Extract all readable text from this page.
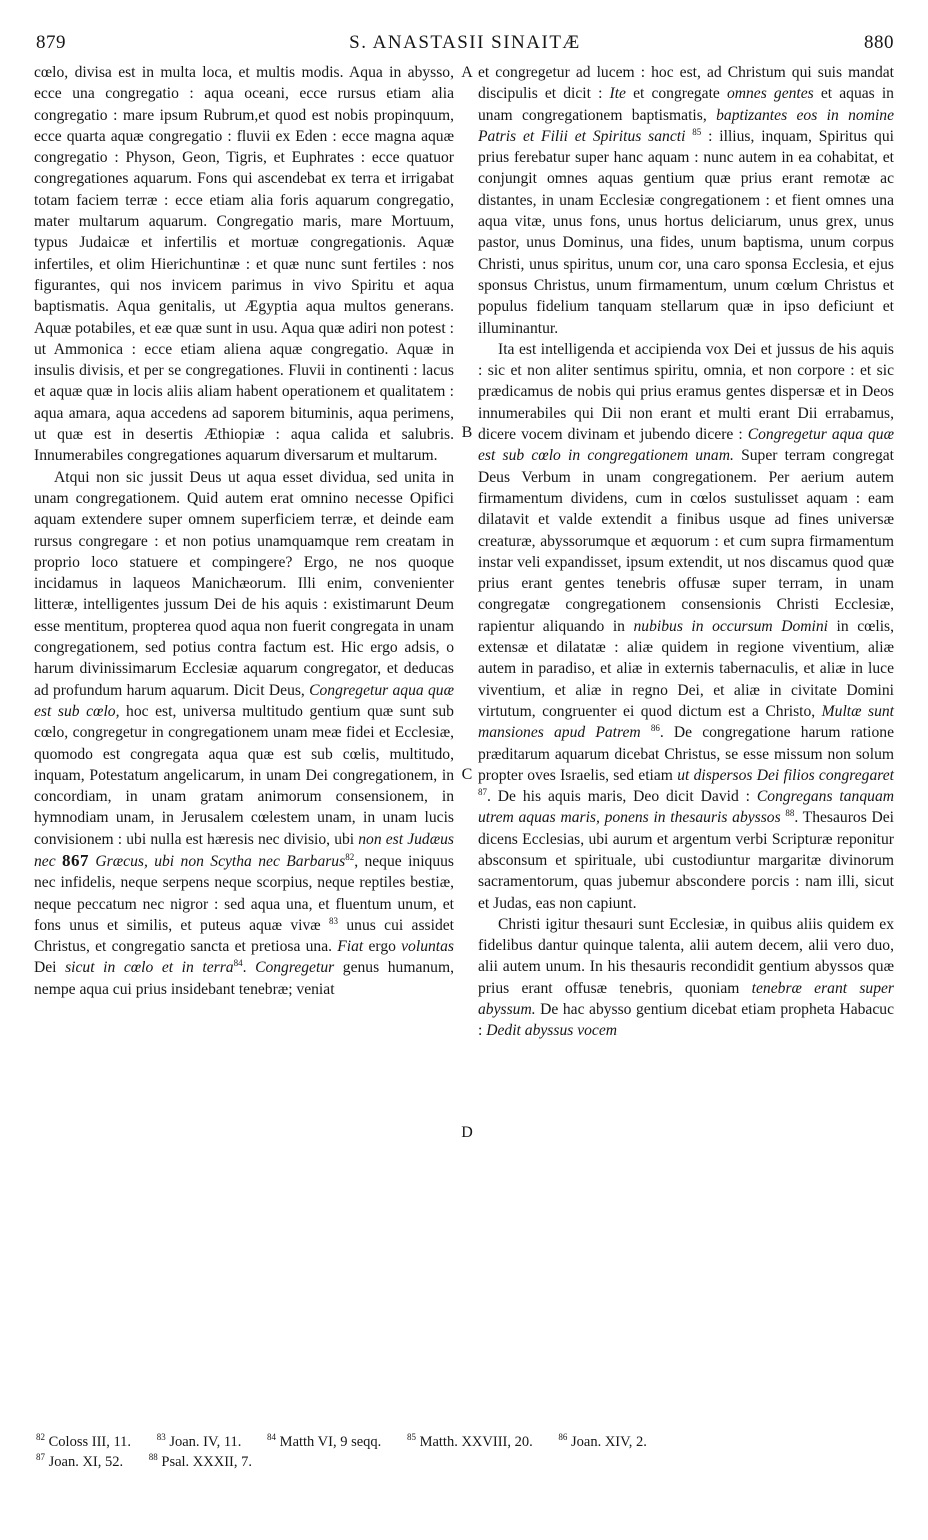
879	S. ANASTASII SINAITÆ	880
A
B
C
D

cœlo, divisa est in multa loca, et multis modis. Aqua in abysso, ecce una congregatio : aqua oceani, ecce rursus etiam alia congregatio : mare ipsum Rubrum,et quod est nobis propinquum, ecce quarta aquæ congregatio : fluvii ex Eden : ecce magna aquæ congregatio : Physon, Geon, Tigris, et Euphrates : ecce quatuor congregationes aquarum. Fons qui ascendebat ex terra et irrigabat totam faciem terræ : ecce etiam alia foris aquarum congregatio, mater multarum aquarum. Congregatio maris, mare Mortuum, typus Judaicæ et infertilis et mortuæ congregationis. Aquæ infertiles, et olim Hierichuntinæ : et quæ nunc sunt fertiles : nos figurantes, qui nos invicem parimus in vivo Spiritu et aqua baptismatis. Aqua genitalis, ut Ægyptia aqua multos generans. Aquæ potabiles, et eæ quæ sunt in usu. Aqua quæ adiri non potest : ut Ammonica : ecce etiam aliena aquæ congregatio. Aquæ in insulis divisis, et per se congregationes. Fluvii in continenti : lacus et aquæ quæ in locis aliis aliam habent operationem et qualitatem : aqua amara, aqua accedens ad saporem bituminis, aqua perimens, ut quæ est in desertis Æthiopiæ : aqua calida et salubris. Innumerabiles congregationes aquarum diversarum et multarum.

Atqui non sic jussit Deus ut aqua esset dividua, sed unita in unam congregationem. Quid autem erat omnino necesse Opifici aquam extendere super omnem superficiem terræ, et deinde eam rursus congregare : et non potius unamquamque rem creatam in proprio loco statuere et compingere? Ergo, ne nos quoque incidamus in laqueos Manichæorum. Illi enim, convenienter litteræ, intelligentes jussum Dei de his aquis : existimarunt Deum esse mentitum, propterea quod aqua non fuerit congregata in unam congregationem, sed potius contra factum est. Hic ergo adsis, o harum divinissimarum Ecclesiæ aquarum congregator, et deducas ad profundum harum aquarum. Dicit Deus, Congregetur aqua quæ est sub cœlo, hoc est, universa multitudo gentium quæ sunt sub cœlo, congregetur in congregationem unam meæ fidei et Ecclesiæ, quomodo est congregata aqua quæ est sub cœlis, multitudo, inquam, Potestatum angelicarum, in unam Dei congregationem, in concordiam, in unam gratam animorum consensionem, in hymnodiam unam, in Jerusalem cœlestem unam, in unam lucis convisionem : ubi nulla est hæresis nec divisio, ubi non est Judæus nec 867 Græcus, ubi non Scytha nec Barbarus$^{82}$, neque iniquus nec infidelis, neque serpens neque scorpius, neque reptiles bestiæ, neque peccatum nec nigror : sed aqua una, et fluentum unum, et fons unus et similis, et puteus aquæ vivæ $^{83}$ unus cui assidet Christus, et congregatio sancta et pretiosa una. Fiat ergo voluntas Dei sicut in cœlo et in terra$^{84}$. Congregetur genus humanum, nempe aqua cui prius insidebant tenebræ; veniat

et congregetur ad lucem : hoc est, ad Christum qui suis mandat discipulis et dicit : Ite et congregate omnes gentes et aquas in unam congregationem baptismatis, baptizantes eos in nomine Patris et Filii et Spiritus sancti $^{85}$ : illius, inquam, Spiritus qui prius ferebatur super hanc aquam : nunc autem in ea cohabitat, et conjungit omnes aquas gentium quæ prius erant remotæ ac distantes, in unam Ecclesiæ congregationem : et fient omnes una aqua vitæ, unus fons, unus hortus deliciarum, unus grex, unus pastor, unus Dominus, una fides, unum baptisma, unum corpus Christi, unus spiritus, unum cor, una caro sponsa Ecclesia, et ejus sponsus Christus, unum firmamentum, unum cœlum Christus et populus fidelium tanquam stellarum quæ in ipso deficiunt et illuminantur.

Ita est intelligenda et accipienda vox Dei et jussus de his aquis : sic et non aliter sentimus spiritu, omnia, et non corpore : et sic prædicamus de nobis qui prius eramus gentes dispersæ et in Deos innumerabiles qui Dii non erant et multi erant Dii errabamus, dicere vocem divinam et jubendo dicere : Congregetur aqua quæ est sub cœlo in congregationem unam. Super terram congregat Deus Verbum in unam congregationem. Per aerium autem firmamentum dividens, cum in cœlos sustulisset aquam : eam dilatavit et valde extendit a finibus usque ad fines universæ creaturæ, abyssorumque et æquorum : et cum supra firmamentum instar veli expandisset, ipsum extendit, ut nos discamus quod quæ prius erant gentes tenebris offusæ super terram, in unam congregatæ congregationem consensionis Christi Ecclesiæ, rapientur aliquando in nubibus in occursum Domini in cœlis, extensæ et dilatatæ : aliæ quidem in regione viventium, aliæ autem in paradiso, et aliæ in externis tabernaculis, et aliæ in luce viventium, et aliæ in regno Dei, et aliæ in civitate Domini virtutum, congruenter ei quod dictum est a Christo, Multæ sunt mansiones apud Patrem $^{86}$. De congregatione harum ratione præditarum aquarum dicebat Christus, se esse missum non solum propter oves Israelis, sed etiam ut dispersos Dei filios congregaret $^{87}$. De his aquis maris, Deo dicit David : Congregans tanquam utrem aquas maris, ponens in thesauris abyssos $^{88}$. Thesauros Dei dicens Ecclesias, ubi aurum et argentum verbi Scripturæ reponitur absconsum et spirituale, ubi custodiuntur margaritæ divinorum sacramentorum, quas jubemur abscondere porcis : nam illi, sicut et Judas, eas non capiunt.

Christi igitur thesauri sunt Ecclesiæ, in quibus aliis quidem ex fidelibus dantur quinque talenta, alii autem decem, alii vero duo, alii autem unum. In his thesauris recondidit gentium abyssos quæ prius erant offusæ tenebris, quoniam tenebræ erant super abyssum. De hac abysso gentium dicebat etiam propheta Habacuc : Dedit abyssus vocem

$^{82}$ Coloss III, 11.	$^{83}$ Joan. IV, 11.	$^{84}$ Matth VI, 9 seqq.	$^{85}$ Matth. XXVIII, 20.	$^{86}$ Joan. XIV, 2.
$^{87}$ Joan. XI, 52.	$^{88}$ Psal. XXXII, 7.
